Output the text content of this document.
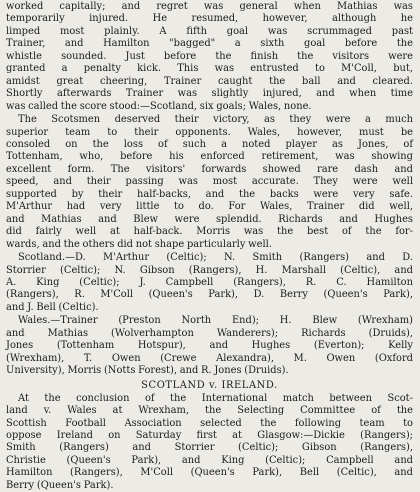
worked capitally; and regret was general when Mathias was
temporarily injured. He resumed, however, although he
limped most plainly. A fifth goal was scrummaged past
Trainer, and Hamilton "bagged" a sixth goal before the
whistle sounded. Just before the finish the visitors were
granted a penalty kick. This was entrusted to M'Coll, but,
amidst great cheering, Trainer caught the ball and cleared.
Shortly afterwards Trainer was slightly injured, and when time
was called the score stood:—Scotland, six goals; Wales, none.
The Scotsmen deserved their victory, as they were a much
superior team to their opponents. Wales, however, must be
consoled on the loss of such a noted player as Jones, of
Tottenham, who, before his enforced retirement, was showing
excellent form. The visitors' forwards showed rare dash and
speed, and their passing was most accurate. They were well
supported by their half-backs, and the backs were very safe.
M'Arthur had very little to do. For Wales, Trainer did well,
and Mathias and Blew were splendid. Richards and Hughes
did fairly well at half-back. Morris was the best of the for-
wards, and the others did not shape particularly well.
Scotland.—D. M'Arthur (Celtic); N. Smith (Rangers) and D.
Storrier (Celtic); N. Gibson (Rangers), H. Marshall (Celtic), and
A. King (Celtic); J. Campbell (Rangers), R. C. Hamilton
(Rangers), R. M'Coll (Queen's Park), D. Berry (Queen's Park),
and J. Bell (Celtic).
Wales.—Trainer (Preston North End); H. Blew (Wrexham)
and Mathias (Wolverhampton Wanderers); Richards (Druids),
Jones (Tottenham Hotspur), and Hughes (Everton); Kelly
(Wrexham), T. Owen (Crewe Alexandra), M. Owen (Oxford
University), Morris (Notts Forest), and R. Jones (Druids).
SCOTLAND v. IRELAND.
At the conclusion of the International match between Scot-
land v. Wales at Wrexham, the Selecting Committee of the
Scottish Football Association selected the following team to
oppose Ireland on Saturday first at Glasgow:—Dickie (Rangers);
Smith (Rangers) and Storrier (Celtic); Gibson (Rangers),
Christie (Queen's Park), and King (Celtic); Campbell and
Hamilton (Rangers), M'Coll (Queen's Park), Bell (Celtic), and
Berry (Queen's Park).
